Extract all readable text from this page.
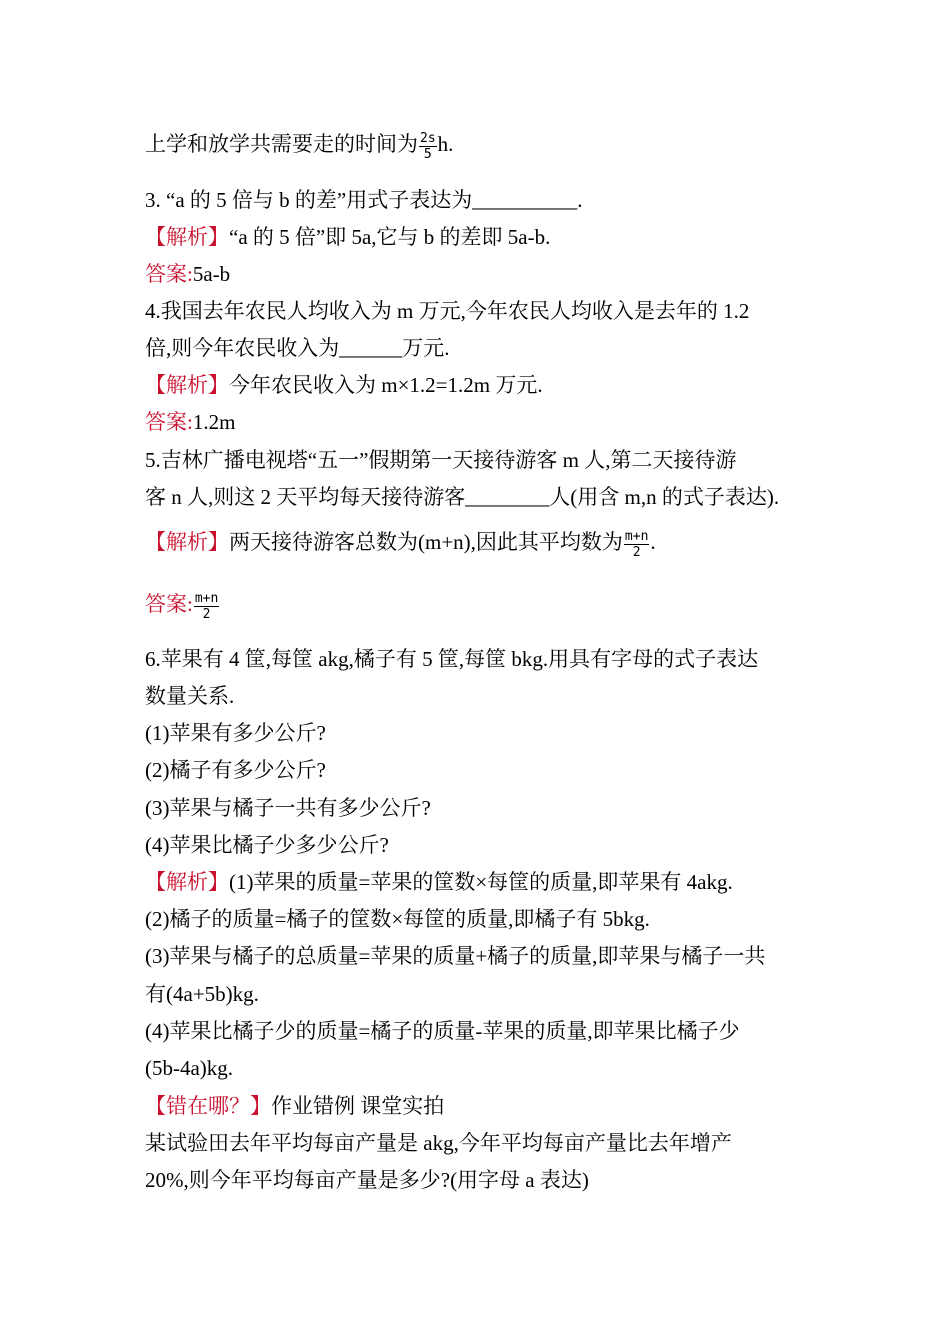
上学和放学共需要走的时间为 $\frac{2s}{5} h$.
3. “a 的 5 倍与 b 的差”用式子表达为__________.
【解析】“a 的 5 倍”即 5a,它与 b 的差即 5a-b.
答案:5a-b
4.我国去年农民人均收入为 m 万元,今年农民人均收入是去年的 1.2
倍,则今年农民收入为______万元.
【解析】今年农民收入为 m×1.2=1.2m 万元.
答案:1.2m
5.吉林广播电视塔“五一”假期第一天接待游客 m 人,第二天接待游
客 n 人,则这 2 天平均每天接待游客________人(用含 m,n 的式子表达).
【解析】两天接待游客总数为(m+n),因此其平均数为 $\frac{m+n}{2}$ .
答案: $\frac{m+n}{2}$
6.苹果有 4 筐,每筐 akg,橘子有 5 筐,每筐 bkg.用具有字母的式子表达
数量关系.
(1)苹果有多少公斤?
(2)橘子有多少公斤?
(3)苹果与橘子一共有多少公斤?
(4)苹果比橘子少多少公斤?
【解析】(1)苹果的质量=苹果的筐数×每筐的质量,即苹果有 4akg.
(2)橘子的质量=橘子的筐数×每筐的质量,即橘子有 5bkg.
(3)苹果与橘子的总质量=苹果的质量+橘子的质量,即苹果与橘子一共
有(4a+5b)kg.
(4)苹果比橘子少的质量=橘子的质量-苹果的质量,即苹果比橘子少
(5b-4a)kg.
【错在哪？】作业错例 课堂实拍
某试验田去年平均每亩产量是 akg,今年平均每亩产量比去年增产
20%,则今年平均每亩产量是多少?(用字母 a 表达)
